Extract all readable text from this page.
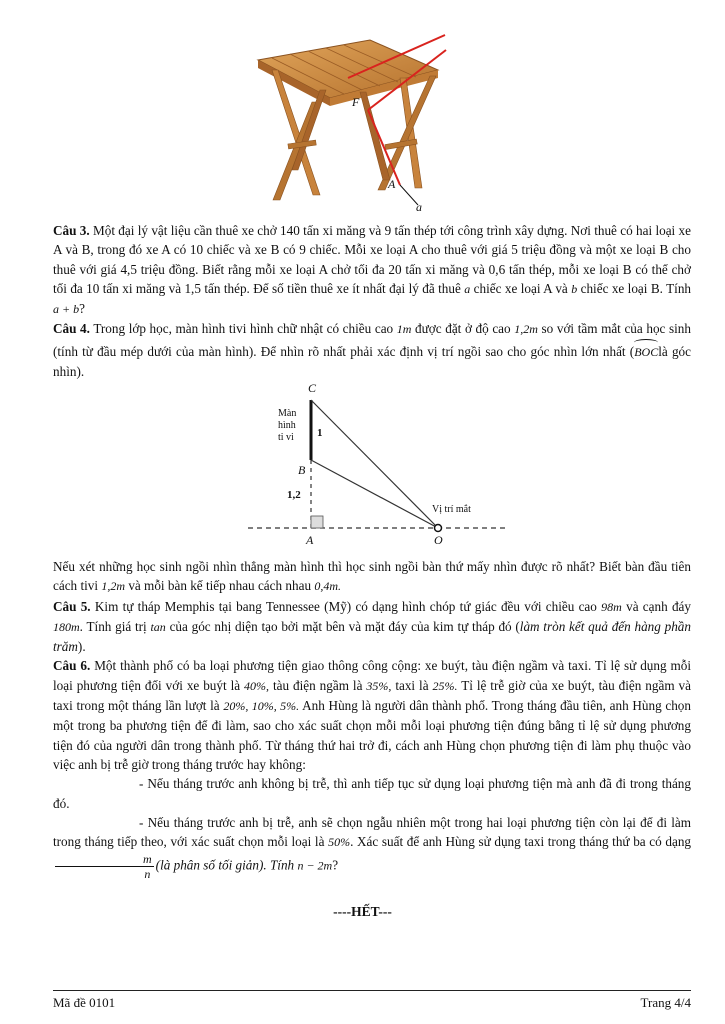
F
A
a

Câu 3. Một đại lý vật liệu cần thuê xe chở 140 tấn xi măng và 9 tấn thép tới công trình xây dựng. Nơi thuê có hai loại xe A và B, trong đó xe A có 10 chiếc và xe B có 9 chiếc. Mỗi xe loại A cho thuê với giá 5 triệu đồng và một xe loại B cho thuê với giá 4,5 triệu đồng. Biết rằng mỗi xe loại A chở tối đa 20 tấn xi măng và 0,6 tấn thép, mỗi xe loại B có thể chở tối đa 10 tấn xi măng và 1,5 tấn thép. Để số tiền thuê xe ít nhất đại lý đã thuê a chiếc xe loại A và b chiếc xe loại B. Tính a + b?

Câu 4. Trong lớp học, màn hình tivi hình chữ nhật có chiều cao 1m được đặt ở độ cao 1,2m so với tầm mắt của học sinh (tính từ đầu mép dưới của màn hình). Để nhìn rõ nhất phải xác định vị trí ngồi sao cho góc nhìn lớn nhất (BOClà góc nhìn).

C
B
A	O
Màn
hình
ti vi 1
1,2
Vị trí mắt

Nếu xét những học sinh ngồi nhìn thẳng màn hình thì học sinh ngồi bàn thứ mấy nhìn được rõ nhất? Biết bàn đầu tiên cách tivi 1,2m và mỗi bàn kế tiếp nhau cách nhau 0,4m.

Câu 5. Kim tự tháp Memphis tại bang Tennessee (Mỹ) có dạng hình chóp tứ giác đều với chiều cao 98m và cạnh đáy 180m. Tính giá trị tan của góc nhị diện tạo bởi mặt bên và mặt đáy của kim tự tháp đó (làm tròn kết quả đến hàng phần trăm).

Câu 6. Một thành phố có ba loại phương tiện giao thông công cộng: xe buýt, tàu điện ngầm và taxi. Tỉ lệ sử dụng mỗi loại phương tiện đối với xe buýt là 40%, tàu điện ngầm là 35%, taxi là 25%. Tỉ lệ trễ giờ của xe buýt, tàu điện ngầm và taxi trong một tháng lần lượt là 20%, 10%, 5%. Anh Hùng là người dân thành phố. Trong tháng đầu tiên, anh Hùng chọn một trong ba phương tiện để đi làm, sao cho xác suất chọn mỗi mỗi loại phương tiện đúng bằng tỉ lệ sử dụng phương tiện đó của người dân trong thành phố. Từ tháng thứ hai trở đi, cách anh Hùng chọn phương tiện đi làm phụ thuộc vào việc anh bị trễ giờ trong tháng trước hay không:

- Nếu tháng trước anh không bị trễ, thì anh tiếp tục sử dụng loại phương tiện mà anh đã đi trong tháng đó.

- Nếu tháng trước anh bị trễ, anh sẽ chọn ngẫu nhiên một trong hai loại phương tiện còn lại để đi làm trong tháng tiếp theo, với xác suất chọn mỗi loại là 50%. Xác suất để anh Hùng sử dụng taxi trong tháng thứ ba có dạng
$\frac{m}{n}$ (là phân số tối giản). Tính n − 2m?

----HẾT---
Mã đề 0101	Trang 4/4
